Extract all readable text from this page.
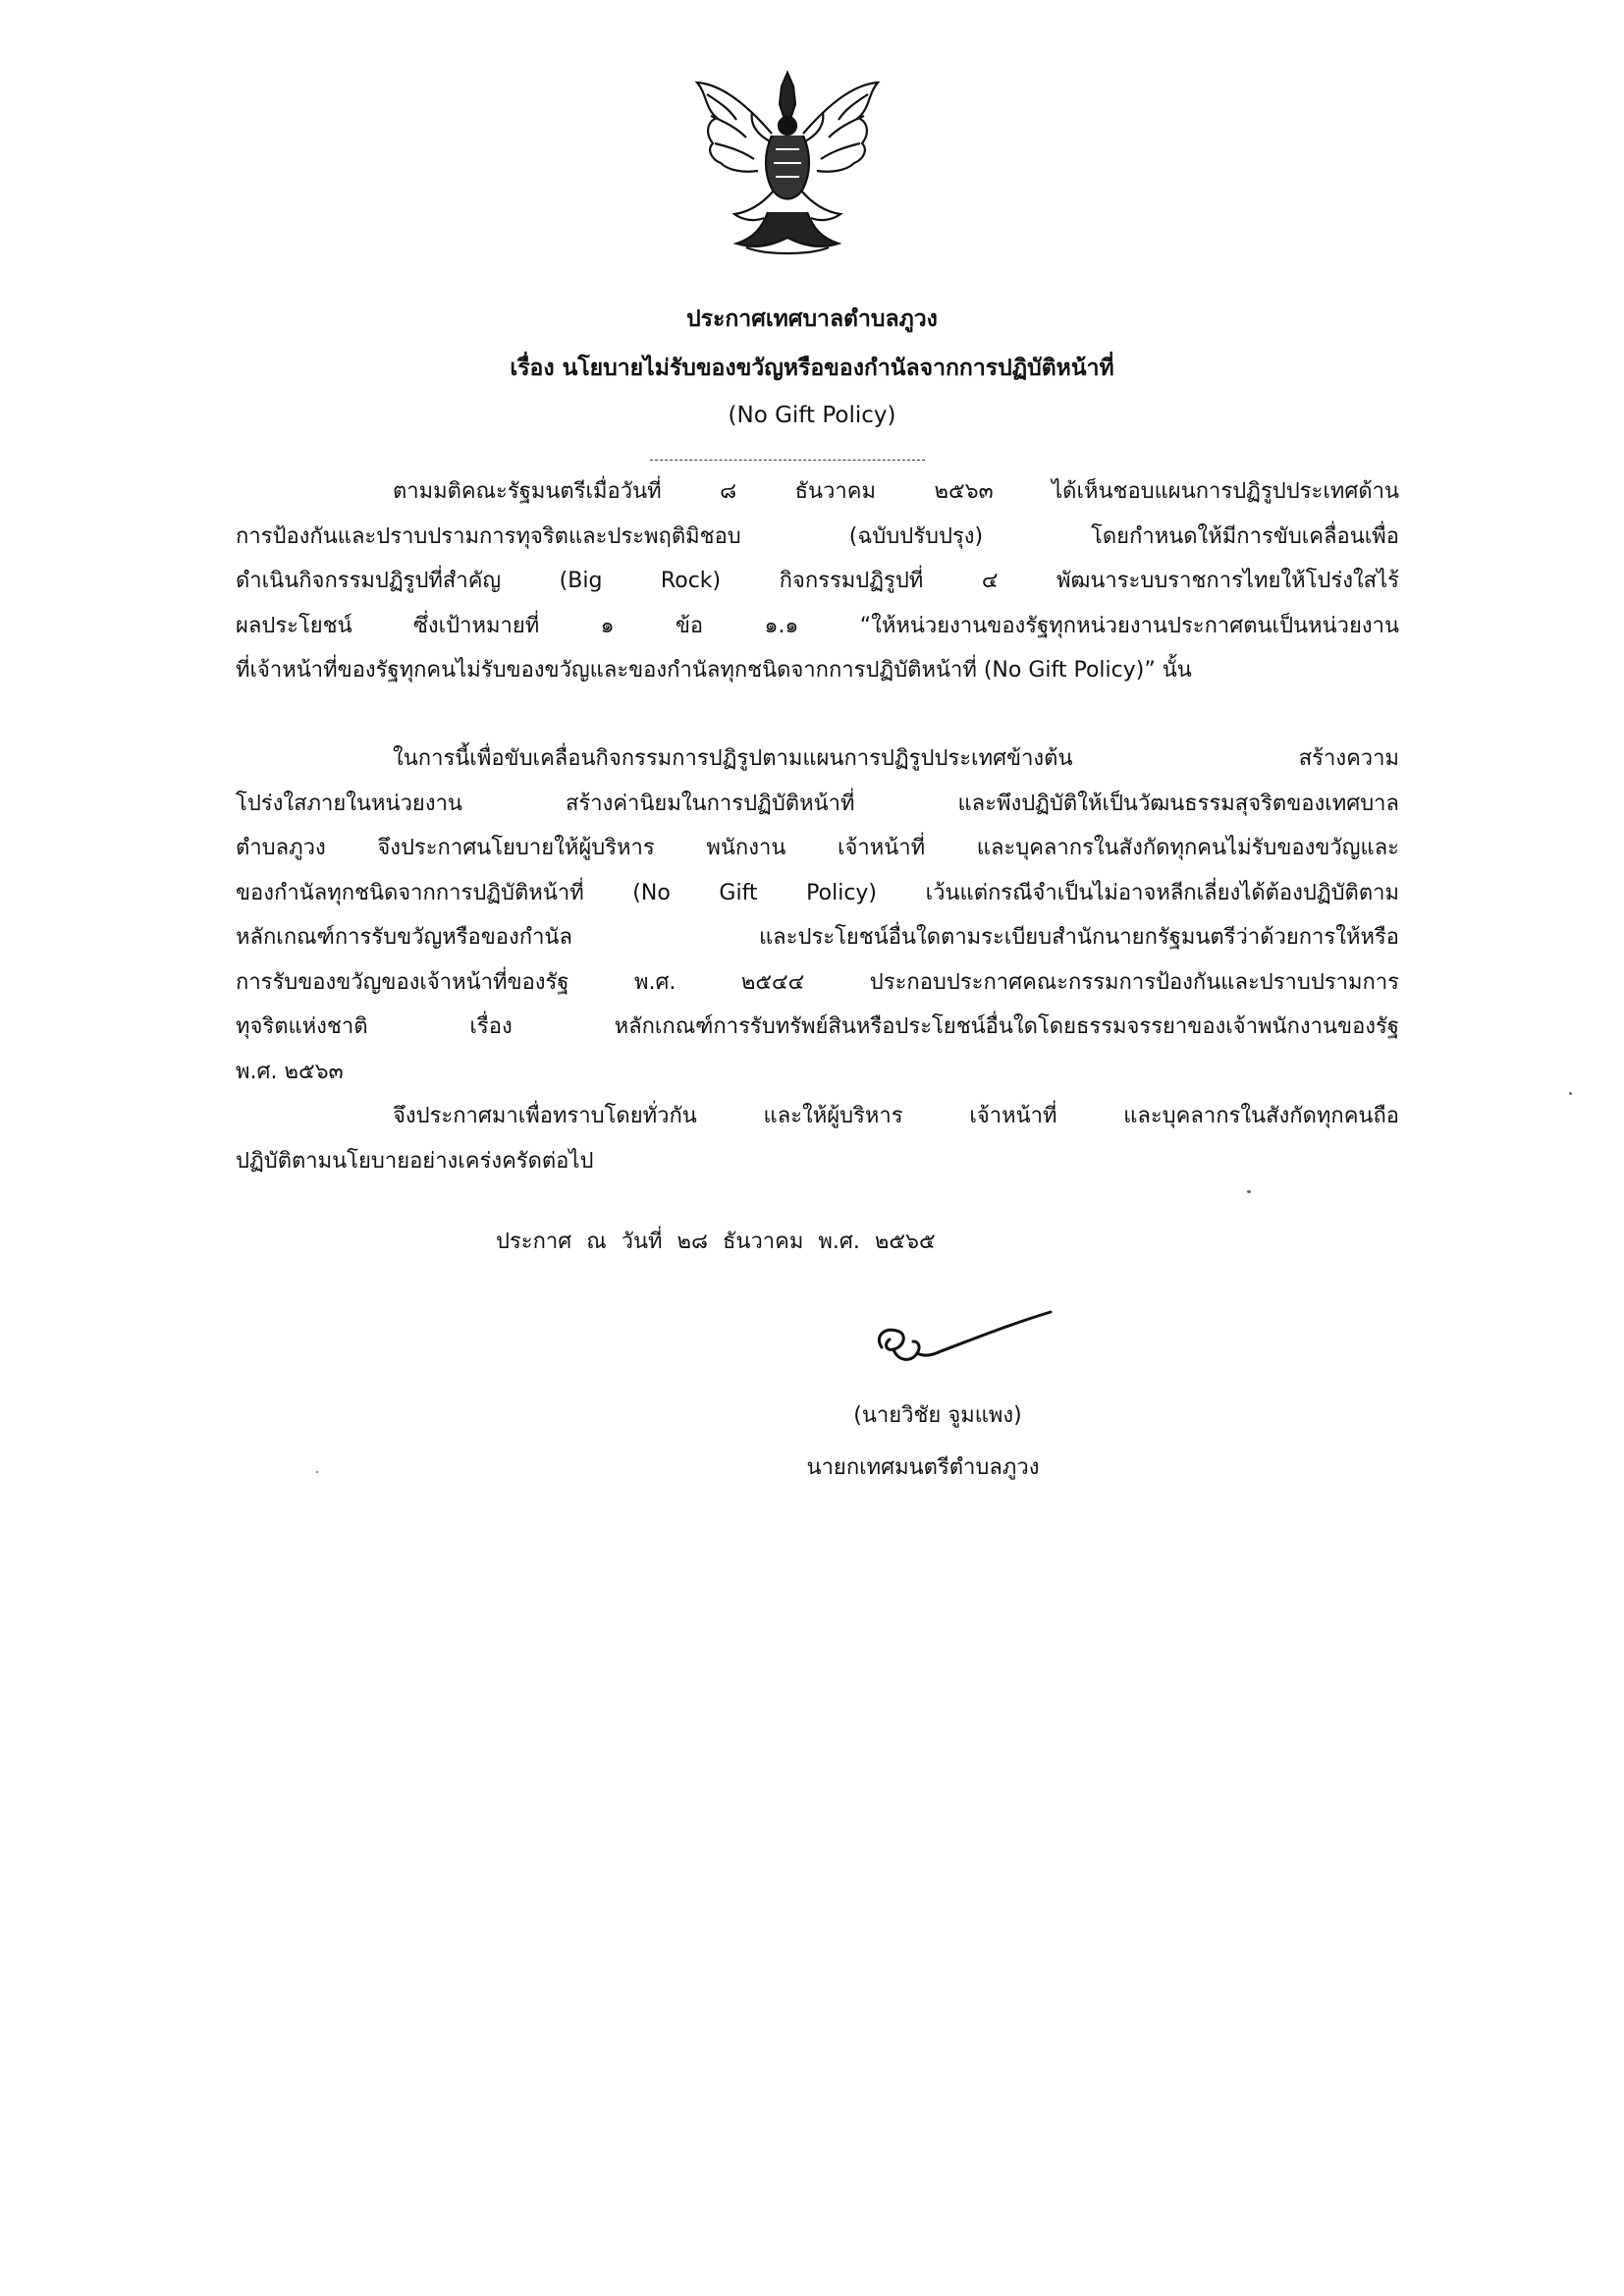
ประกาศเทศบาลตำบลภูวง
เรื่อง นโยบายไม่รับของขวัญหรือของกำนัลจากการปฏิบัติหน้าที่
(No Gift Policy)
ตามมติคณะรัฐมนตรีเมื่อวันที่ ๘ ธันวาคม ๒๕๖๓ ได้เห็นชอบแผนการปฏิรูปประเทศด้าน
การป้องกันและปราบปรามการทุจริตและประพฤติมิชอบ (ฉบับปรับปรุง) โดยกำหนดให้มีการขับเคลื่อนเพื่อ
ดำเนินกิจกรรมปฏิรูปที่สำคัญ (Big Rock) กิจกรรมปฏิรูปที่ ๔ พัฒนาระบบราชการไทยให้โปร่งใสไร้
ผลประโยชน์ ซึ่งเป้าหมายที่ ๑ ข้อ ๑.๑ “ให้หน่วยงานของรัฐทุกหน่วยงานประกาศตนเป็นหน่วยงาน
ที่เจ้าหน้าที่ของรัฐทุกคนไม่รับของขวัญและของกำนัลทุกชนิดจากการปฏิบัติหน้าที่ (No Gift Policy)” นั้น
ในการนี้เพื่อขับเคลื่อนกิจกรรมการปฏิรูปตามแผนการปฏิรูปประเทศข้างต้น สร้างความ
โปร่งใสภายในหน่วยงาน สร้างค่านิยมในการปฏิบัติหน้าที่ และพึงปฏิบัติให้เป็นวัฒนธรรมสุจริตของเทศบาล
ตำบลภูวง จึงประกาศนโยบายให้ผู้บริหาร พนักงาน เจ้าหน้าที่ และบุคลากรในสังกัดทุกคนไม่รับของขวัญและ
ของกำนัลทุกชนิดจากการปฏิบัติหน้าที่ (No Gift Policy) เว้นแต่กรณีจำเป็นไม่อาจหลีกเลี่ยงได้ต้องปฏิบัติตาม
หลักเกณฑ์การรับขวัญหรือของกำนัล และประโยชน์อื่นใดตามระเบียบสำนักนายกรัฐมนตรีว่าด้วยการให้หรือ
การรับของขวัญของเจ้าหน้าที่ของรัฐ พ.ศ. ๒๕๔๔ ประกอบประกาศคณะกรรมการป้องกันและปราบปรามการ
ทุจริตแห่งชาติ เรื่อง หลักเกณฑ์การรับทรัพย์สินหรือประโยชน์อื่นใดโดยธรรมจรรยาของเจ้าพนักงานของรัฐ
พ.ศ. ๒๕๖๓
จึงประกาศมาเพื่อทราบโดยทั่วกัน และให้ผู้บริหาร เจ้าหน้าที่ และบุคลากรในสังกัดทุกคนถือ
ปฏิบัติตามนโยบายอย่างเคร่งครัดต่อไป
ประกาศ ณ วันที่ ๒๘ ธันวาคม พ.ศ. ๒๕๖๕
(นายวิชัย จูมแพง)
นายกเทศมนตรีตำบลภูวง
